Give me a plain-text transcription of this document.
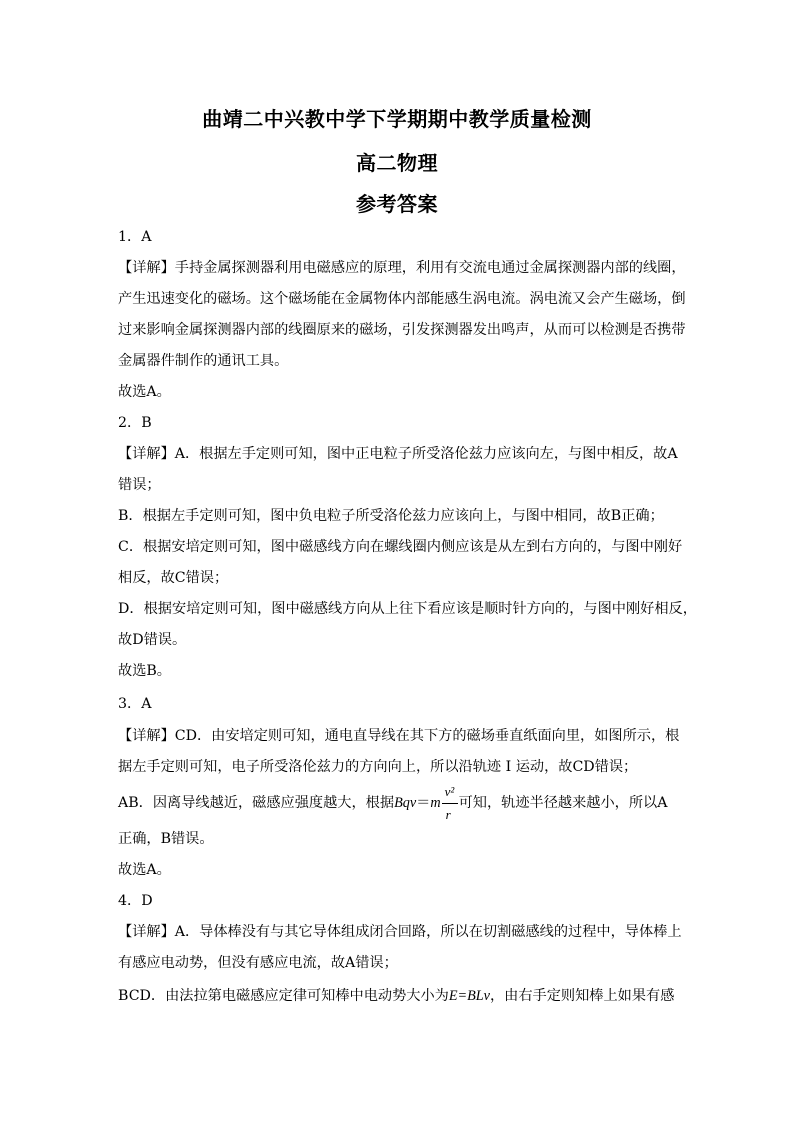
曲靖二中兴教中学下学期期中教学质量检测
高二物理
参考答案
1．A
【详解】手持金属探测器利用电磁感应的原理，利用有交流电通过金属探测器内部的线圈，
产生迅速变化的磁场。这个磁场能在金属物体内部能感生涡电流。涡电流又会产生磁场，倒
过来影响金属探测器内部的线圈原来的磁场，引发探测器发出鸣声，从而可以检测是否携带
金属器件制作的通讯工具。
故选A。
2．B
【详解】A．根据左手定则可知，图中正电粒子所受洛伦兹力应该向左，与图中相反，故A
错误；
B．根据左手定则可知，图中负电粒子所受洛伦兹力应该向上，与图中相同，故B正确；
C．根据安培定则可知，图中磁感线方向在螺线圈内侧应该是从左到右方向的，与图中刚好
相反，故C错误；
D．根据安培定则可知，图中磁感线方向从上往下看应该是顺时针方向的，与图中刚好相反，
故D错误。
故选B。
3．A
【详解】CD．由安培定则可知，通电直导线在其下方的磁场垂直纸面向里，如图所示，根
据左手定则可知，电子所受洛伦兹力的方向向上，所以沿轨迹 I 运动，故CD错误；
AB．因离导线越近，磁感应强度越大，根据$Bqv=m \frac{\text{v²}}{r}$ 可知，轨迹半径越来越小，所以A
正确，B错误。
故选A。
4．D
【详解】A．导体棒没有与其它导体组成闭合回路，所以在切割磁感线的过程中，导体棒上
有感应电动势，但没有感应电流，故A错误；
BCD．由法拉第电磁感应定律可知棒中电动势大小为E=BLv，由右手定则知棒上如果有感
